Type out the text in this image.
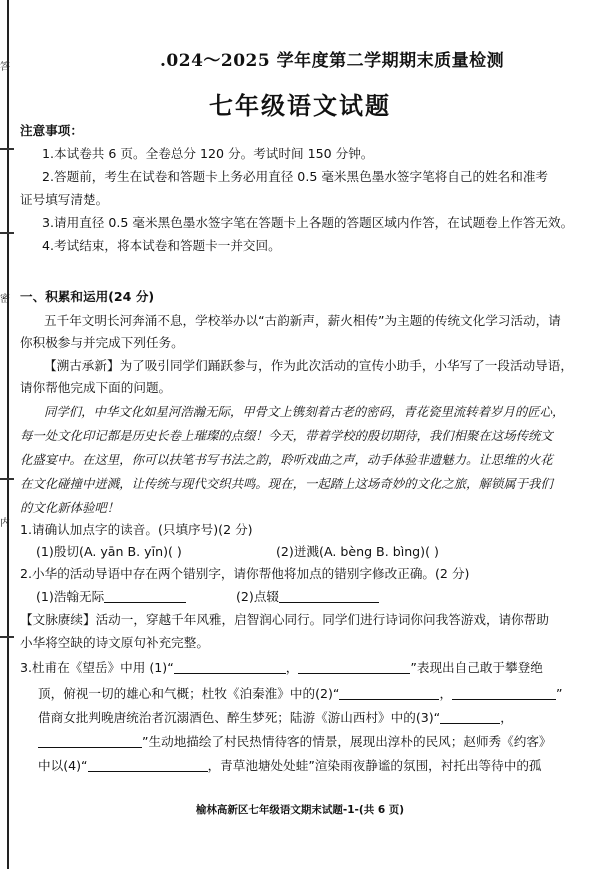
答
密
内
.024～2025 学年度第二学期期末质量检测
七年级语文试题
注意事项：
1.本试卷共 6 页。全卷总分 120 分。考试时间 150 分钟。
2.答题前，考生在试卷和答题卡上务必用直径 0.5 毫米黑色墨水签字笔将自己的姓名和准考
证号填写清楚。
3.请用直径 0.5 毫米黑色墨水签字笔在答题卡上各题的答题区域内作答，在试题卷上作答无效。
4.考试结束，将本试卷和答题卡一并交回。
一、积累和运用(24 分)
五千年文明长河奔涌不息，学校举办以“古韵新声，薪火相传”为主题的传统文化学习活动，请
你积极参与并完成下列任务。
【溯古承新】为了吸引同学们踊跃参与，作为此次活动的宣传小助手，小华写了一段活动导语，
请你帮他完成下面的问题。
同学们，中华文化如星河浩瀚无际，甲骨文上镌刻着古老的密码，青花瓷里流转着岁月的匠心，
每一处文化印记都是历史长卷上璀璨的点缀！今天，带着学校的殷切期待，我们相聚在这场传统文
化盛宴中。在这里，你可以扶笔书写书法之韵，聆听戏曲之声，动手体验非遗魅力。让思维的火花
在文化碰撞中迸溅，让传统与现代交织共鸣。现在，一起踏上这场奇妙的文化之旅，解锁属于我们
的文化新体验吧！
1.请确认加点字的读音。(只填序号)(2 分)
(1)殷切(A. yān B. yīn)( )	(2)迸溅(A. bèng B. bìng)( )
2.小华的活动导语中存在两个错别字，请你帮他将加点的错别字修改正确。(2 分)
(1)浩翰无际	(2)点辍
【文脉赓续】活动一，穿越千年风雅，启智润心同行。同学们进行诗词你问我答游戏，请你帮助
小华将空缺的诗文原句补充完整。
3.杜甫在《望岳》中用 (1)“	，	”表现出自己敢于攀登绝
顶，俯视一切的雄心和气概；杜牧《泊秦淮》中的(2)“	，	”
借商女批判晚唐统治者沉溺酒色、醉生梦死；陆游《游山西村》中的(3)“	，
”生动地描绘了村民热情待客的情景，展现出淳朴的民风；赵师秀《约客》
中以(4)“	，青草池塘处处蛙”渲染雨夜静谧的氛围，衬托出等待中的孤
榆林高新区七年级语文期末试题-1-(共 6 页)
